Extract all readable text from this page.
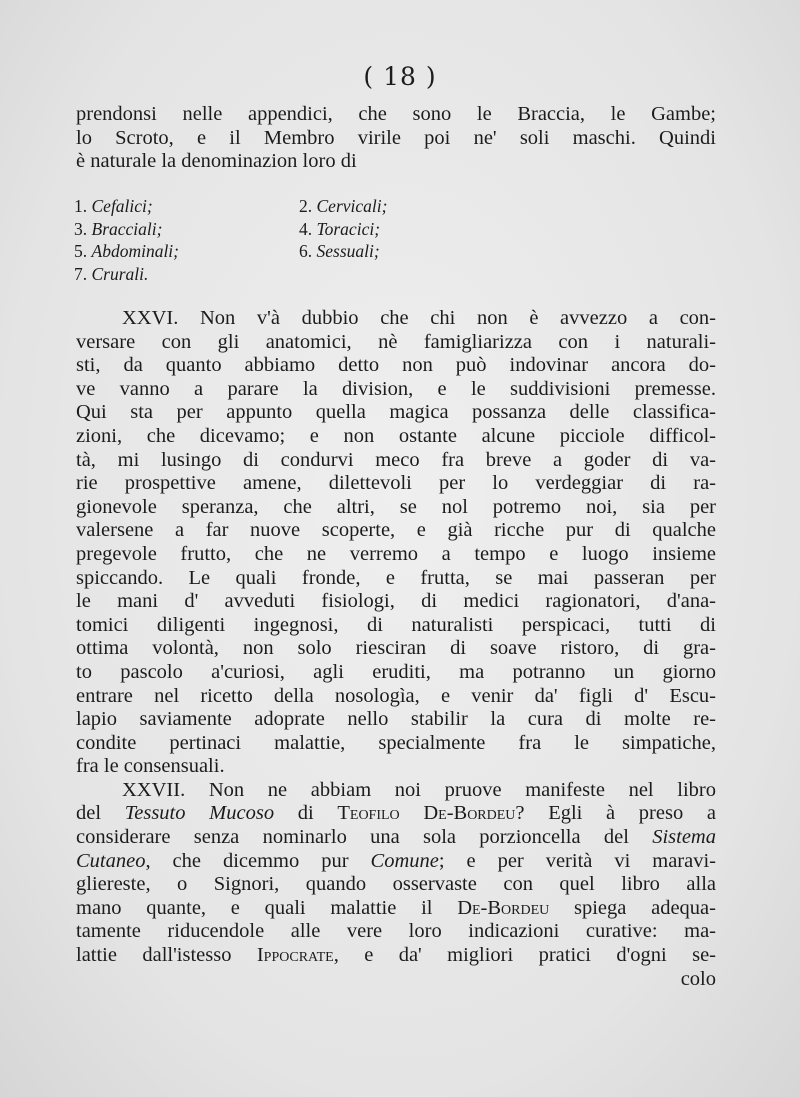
( 18 )
prendonsi nelle appendici, che sono le Braccia, le Gambe;
lo Scroto, e il Membro virile poi ne' soli maschi. Quindi
è naturale la denominazion loro di
1. Cefalici;	2. Cervicali;
3. Bracciali;	4. Toracici;
5. Abdominali;	6. Sessuali;
7. Crurali.
XXVI. Non v'à dubbio che chi non è avvezzo a con-
versare con gli anatomici, nè famigliarizza con i naturali-
sti, da quanto abbiamo detto non può indovinar ancora do-
ve vanno a parare la division, e le suddivisioni premesse.
Qui sta per appunto quella magica possanza delle classifica-
zioni, che dicevamo; e non ostante alcune picciole difficol-
tà, mi lusingo di condurvi meco fra breve a goder di va-
rie prospettive amene, dilettevoli per lo verdeggiar di ra-
gionevole speranza, che altri, se nol potremo noi, sia per
valersene a far nuove scoperte, e già ricche pur di qualche
pregevole frutto, che ne verremo a tempo e luogo insieme
spiccando. Le quali fronde, e frutta, se mai passeran per
le mani d' avveduti fisiologi, di medici ragionatori, d'ana-
tomici diligenti ingegnosi, di naturalisti perspicaci, tutti di
ottima volontà, non solo riesciran di soave ristoro, di gra-
to pascolo a'curiosi, agli eruditi, ma potranno un giorno
entrare nel ricetto della nosologìa, e venir da' figli d' Escu-
lapio saviamente adoprate nello stabilir la cura di molte re-
condite pertinaci malattie, specialmente fra le simpatiche,
fra le consensuali.
XXVII. Non ne abbiam noi pruove manifeste nel libro
del Tessuto Mucoso di Teofilo De-Bordeu? Egli à preso a
considerare senza nominarlo una sola porzioncella del Sistema
Cutaneo, che dicemmo pur Comune; e per verità vi maravi-
gliereste, o Signori, quando osservaste con quel libro alla
mano quante, e quali malattie il De-Bordeu spiega adequa-
tamente riducendole alle vere loro indicazioni curative: ma-
lattie dall'istesso Ippocrate, e da' migliori pratici d'ogni se-
colo
